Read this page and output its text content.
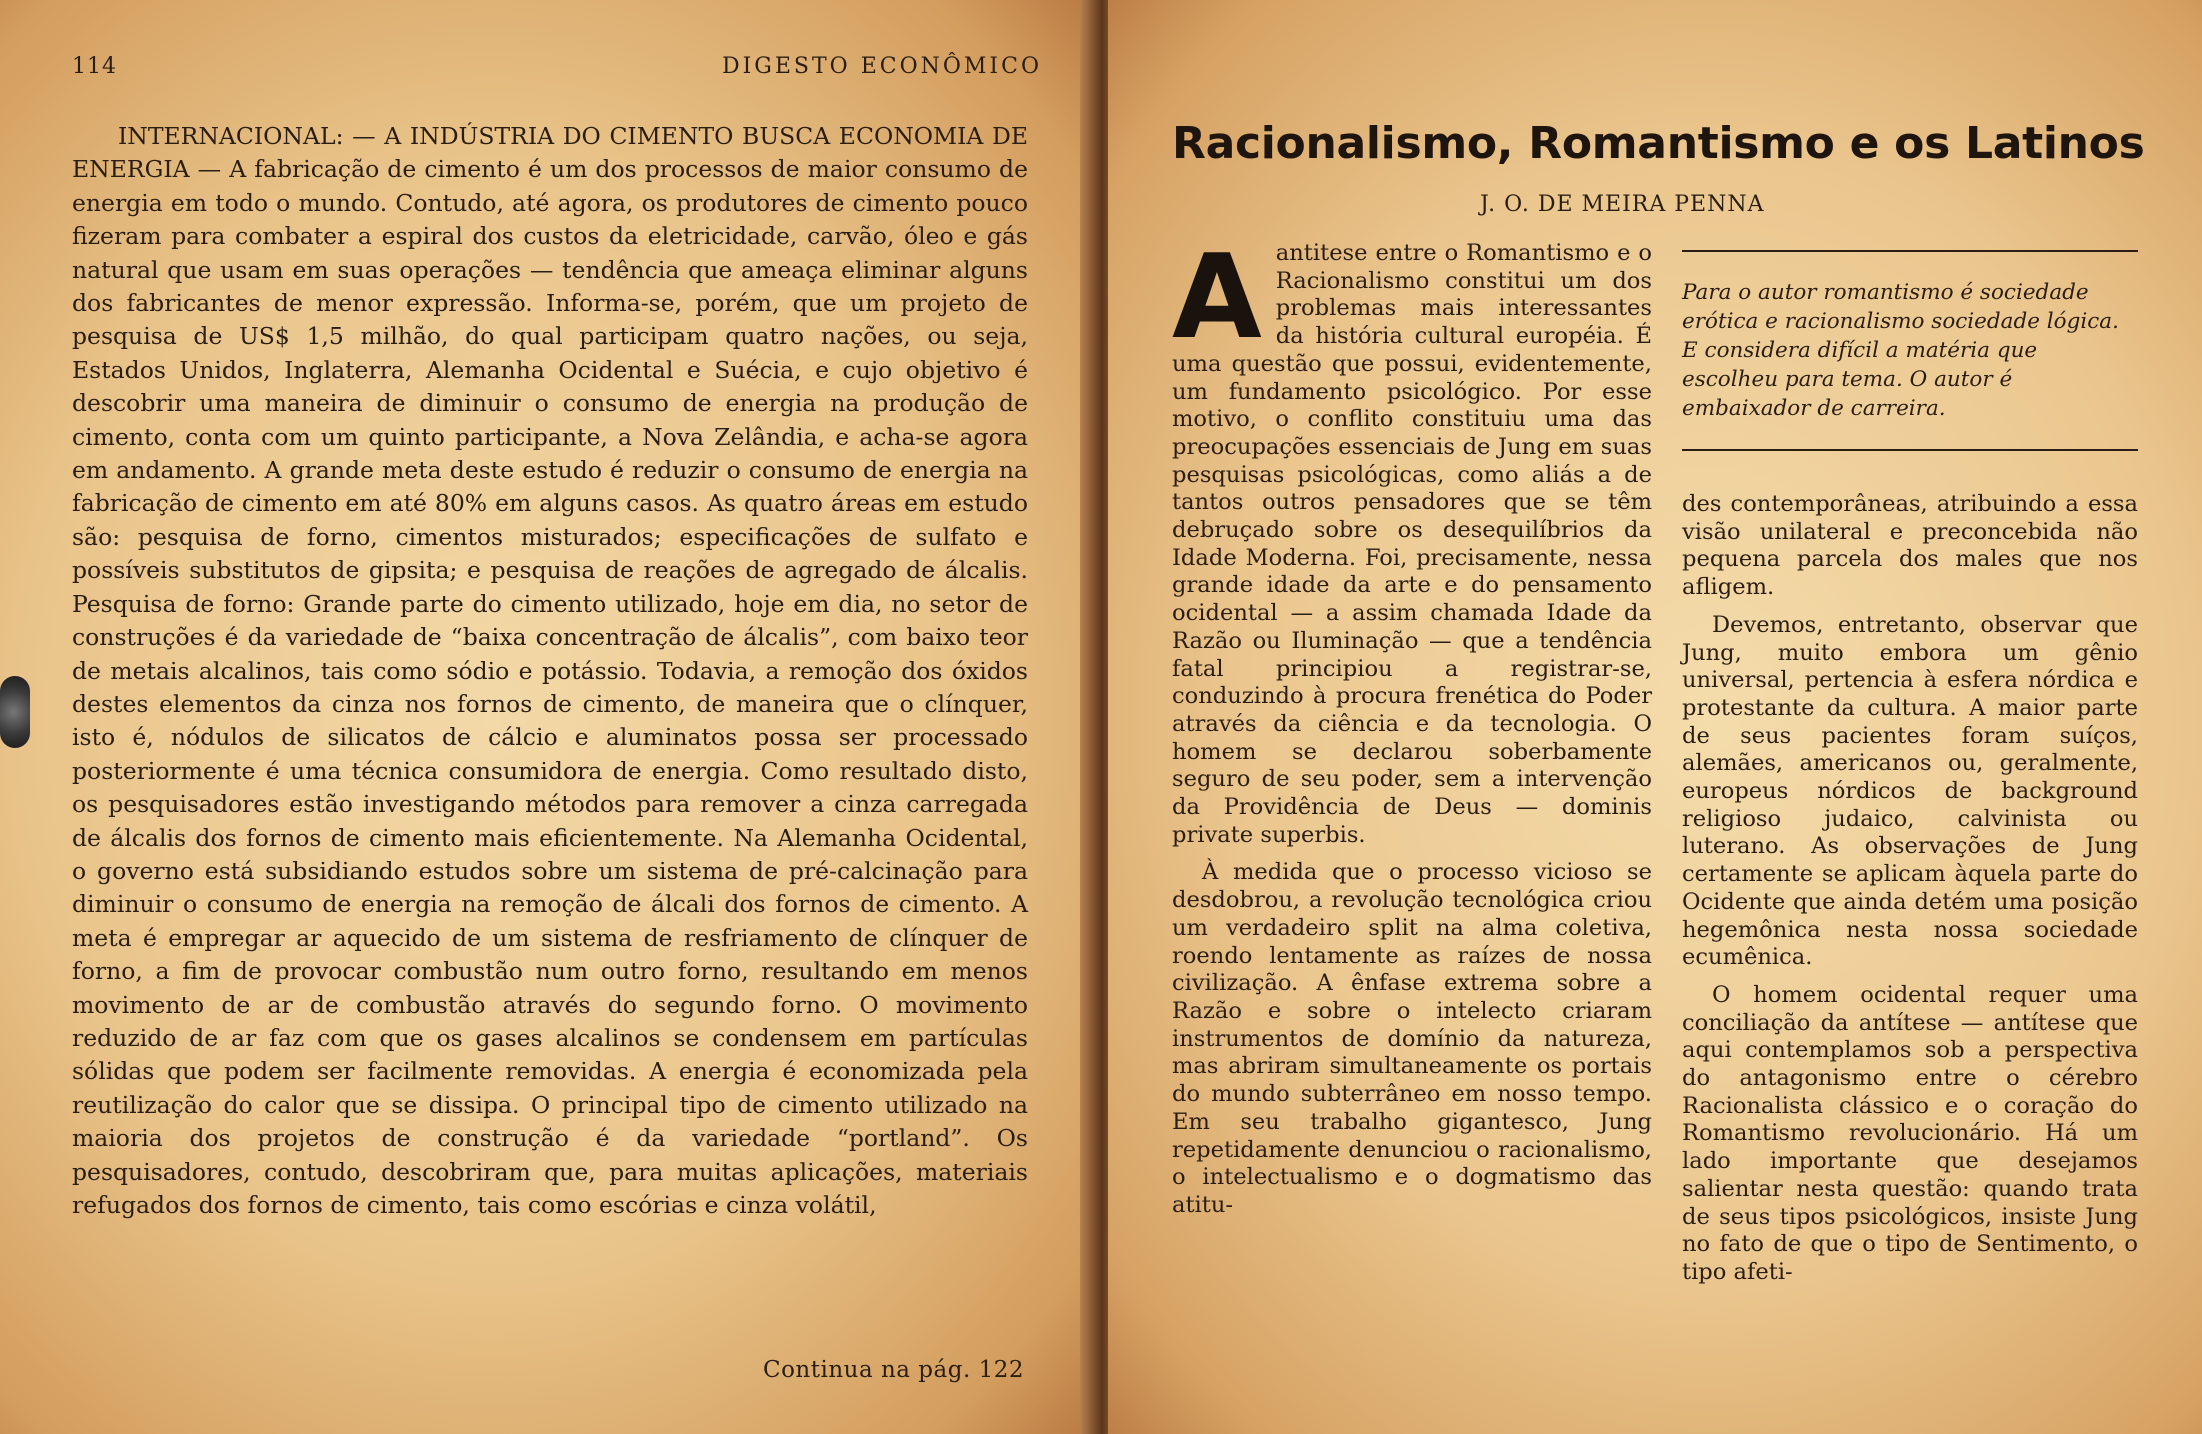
114	DIGESTO ECONÔMICO

INTERNACIONAL: — A INDÚSTRIA DO CIMENTO BUSCA ECONOMIA DE ENERGIA — A fabricação de cimento é um dos processos de maior consumo de energia em todo o mundo. Contudo, até agora, os produtores de cimento pouco fizeram para combater a espiral dos custos da eletricidade, carvão, óleo e gás natural que usam em suas operações — tendência que ameaça eliminar alguns dos fabricantes de menor expressão. Informa-se, porém, que um projeto de pesquisa de US$ 1,5 milhão, do qual participam quatro nações, ou seja, Estados Unidos, Inglaterra, Alemanha Ocidental e Suécia, e cujo objetivo é descobrir uma maneira de diminuir o consumo de energia na produção de cimento, conta com um quinto participante, a Nova Zelândia, e acha-se agora em andamento. A grande meta deste estudo é reduzir o consumo de energia na fabricação de cimento em até 80% em alguns casos. As quatro áreas em estudo são: pesquisa de forno, cimentos misturados; especificações de sulfato e possíveis substitutos de gipsita; e pesquisa de reações de agregado de álcalis. Pesquisa de forno: Grande parte do cimento utilizado, hoje em dia, no setor de construções é da variedade de “baixa concentração de álcalis”, com baixo teor de metais alcalinos, tais como sódio e potássio. Todavia, a remoção dos óxidos destes elementos da cinza nos fornos de cimento, de maneira que o clínquer, isto é, nódulos de silicatos de cálcio e aluminatos possa ser processado posteriormente é uma técnica consumidora de energia. Como resultado disto, os pesquisadores estão investigando métodos para remover a cinza carregada de álcalis dos fornos de cimento mais eficientemente. Na Alemanha Ocidental, o governo está subsidiando estudos sobre um sistema de pré-calcinação para diminuir o consumo de energia na remoção de álcali dos fornos de cimento. A meta é empregar ar aquecido de um sistema de resfriamento de clínquer de forno, a fim de provocar combustão num outro forno, resultando em menos movimento de ar de combustão através do segundo forno. O movimento reduzido de ar faz com que os gases alcalinos se condensem em partículas sólidas que podem ser facilmente removidas. A energia é economizada pela reutilização do calor que se dissipa. O principal tipo de cimento utilizado na maioria dos projetos de construção é da variedade “portland”. Os pesquisadores, contudo, descobriram que, para muitas aplicações, materiais refugados dos fornos de cimento, tais como escórias e cinza volátil,

Continua na pág. 122
Racionalismo, Romantismo e os Latinos
J. O. DE MEIRA PENNA

Aantitese entre o Romantismo e o Racionalismo constitui um dos problemas mais interessantes da história cultural européia. É uma questão que possui, evidentemente, um fundamento psicológico. Por esse motivo, o conflito constituiu uma das preocupações essenciais de Jung em suas pesquisas psicológicas, como aliás a de tantos outros pensadores que se têm debruçado sobre os desequilíbrios da Idade Moderna. Foi, precisamente, nessa grande idade da arte e do pensamento ocidental — a assim chamada Idade da Razão ou Iluminação — que a tendência fatal principiou a registrar-se, conduzindo à procura frenética do Poder através da ciência e da tecnologia. O homem se declarou soberbamente seguro de seu poder, sem a intervenção da Providência de Deus — dominis private superbis.

À medida que o processo vicioso se desdobrou, a revolução tecnológica criou um verdadeiro split na alma coletiva, roendo lentamente as raízes de nossa civilização. A ênfase extrema sobre a Razão e sobre o intelecto criaram instrumentos de domínio da natureza, mas abriram simultaneamente os portais do mundo subterrâneo em nosso tempo. Em seu trabalho gigantesco, Jung repetidamente denunciou o racionalismo, o intelectualismo e o dogmatismo das atitu-

Para o autor romantismo é sociedade erótica e racionalismo sociedade lógica. E considera difícil a matéria que escolheu para tema. O autor é embaixador de carreira.

des contemporâneas, atribuindo a essa visão unilateral e preconcebida não pequena parcela dos males que nos afligem.

Devemos, entretanto, observar que Jung, muito embora um gênio universal, pertencia à esfera nórdica e protestante da cultura. A maior parte de seus pacientes foram suíços, alemães, americanos ou, geralmente, europeus nórdicos de background religioso judaico, calvinista ou luterano. As observações de Jung certamente se aplicam àquela parte do Ocidente que ainda detém uma posição hegemônica nesta nossa sociedade ecumênica.

O homem ocidental requer uma conciliação da antítese — antítese que aqui contemplamos sob a perspectiva do antagonismo entre o cérebro Racionalista clássico e o coração do Romantismo revolucionário. Há um lado importante que desejamos salientar nesta questão: quando trata de seus tipos psicológicos, insiste Jung no fato de que o tipo de Sentimento, o tipo afeti-
